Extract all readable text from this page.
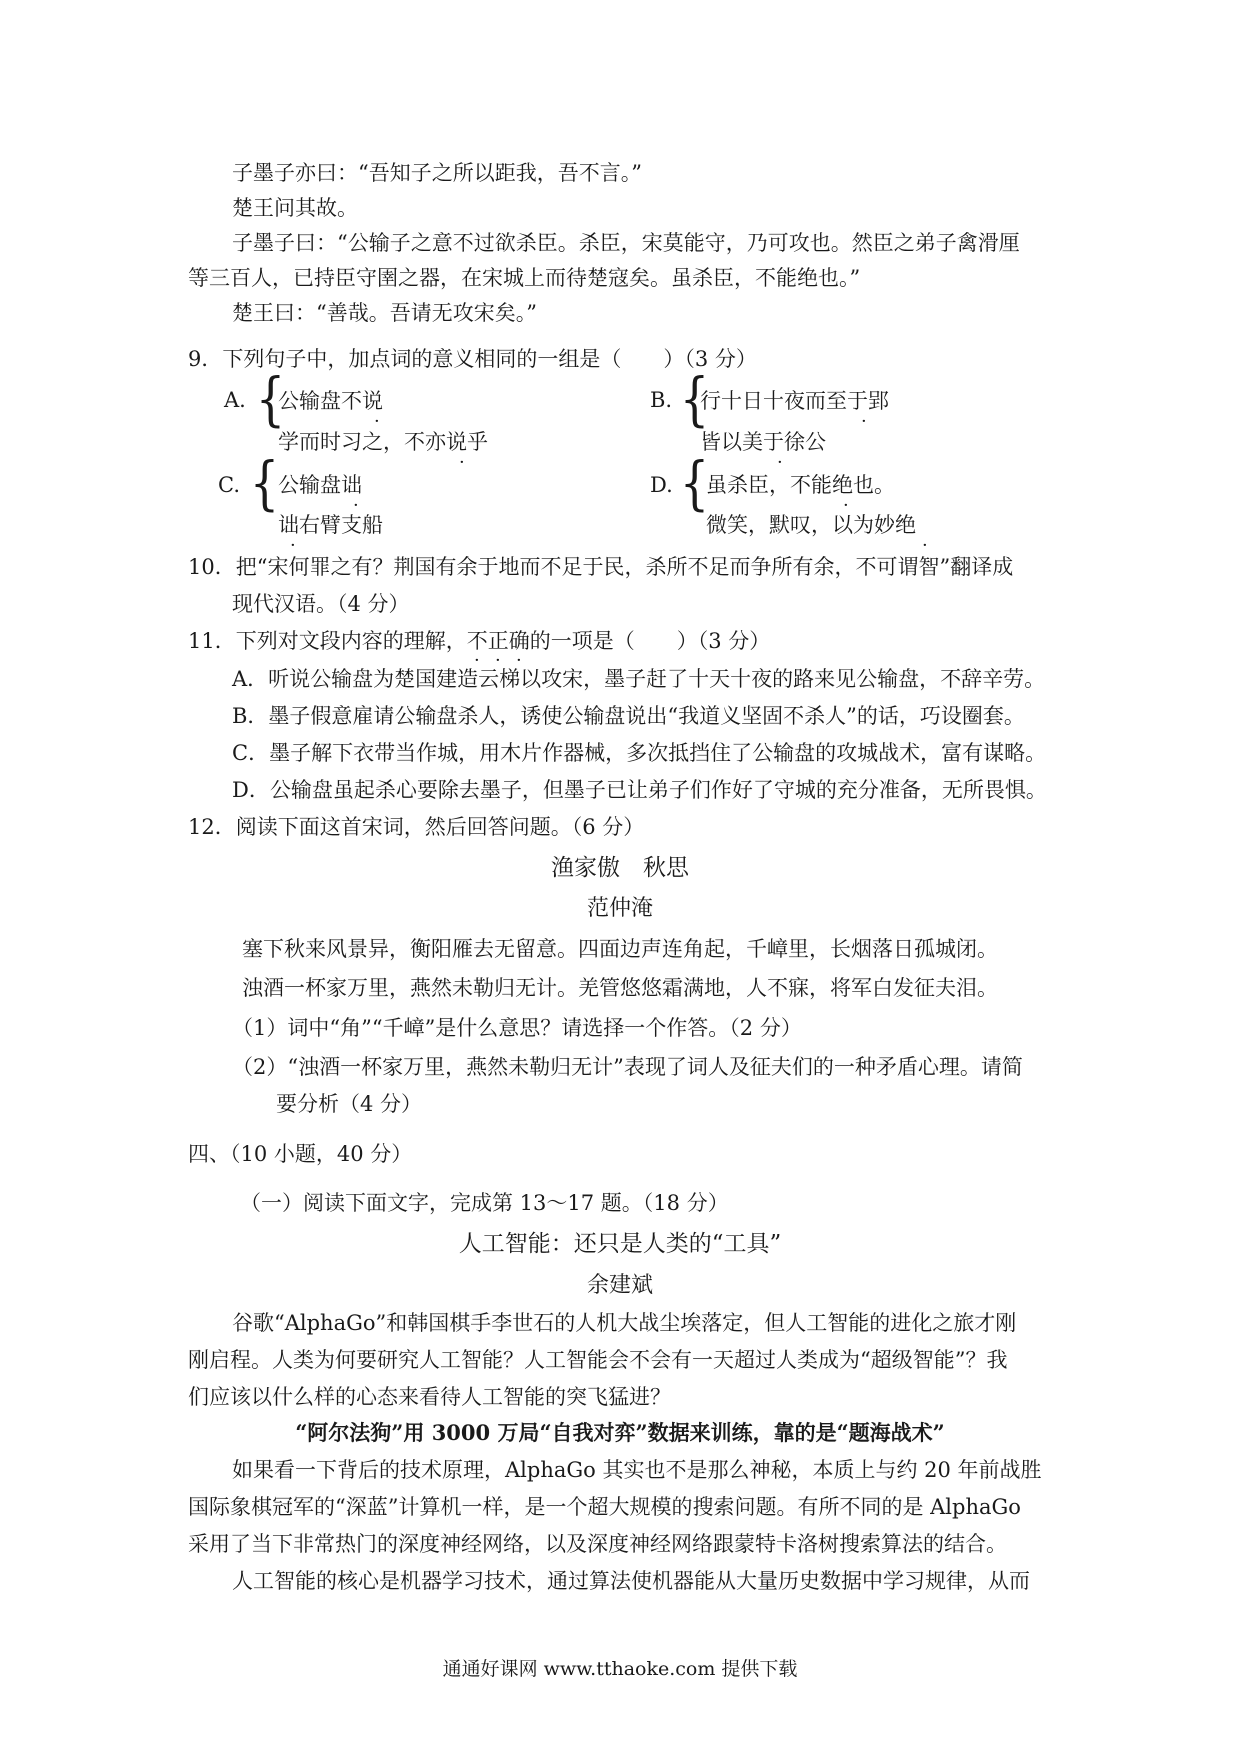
子墨子亦曰：“吾知子之所以距我，吾不言。”
楚王问其故。
子墨子曰：“公输子之意不过欲杀臣。杀臣，宋莫能守，乃可攻也。然臣之弟子禽滑厘
等三百人，已持臣守圉之器，在宋城上而待楚寇矣。虽杀臣，不能绝也。”
楚王曰：“善哉。吾请无攻宋矣。”
9．下列句子中，加点词的意义相同的一组是（　　）（3 分）
A. {
公输盘不说
学而时习之，不亦说乎
·
·
B. {
行十日十夜而至于郢
皆以美于徐公
·
·
C. {
公输盘诎
诎右臂支船
·
·
D. {
虽杀臣，不能绝也。
微笑，默叹，以为妙绝
·
·
10．把“宋何罪之有？荆国有余于地而不足于民，杀所不足而争所有余，不可谓智”翻译成
现代汉语。（4 分）
11．下列对文段内容的理解，不正确的一项是（　　）（3 分）
· · ·
A．听说公输盘为楚国建造云梯以攻宋，墨子赶了十天十夜的路来见公输盘，不辞辛劳。
B．墨子假意雇请公输盘杀人，诱使公输盘说出“我道义坚固不杀人”的话，巧设圈套。
C．墨子解下衣带当作城，用木片作器械，多次抵挡住了公输盘的攻城战术，富有谋略。
D．公输盘虽起杀心要除去墨子，但墨子已让弟子们作好了守城的充分准备，无所畏惧。
12．阅读下面这首宋词，然后回答问题。（6 分）
渔家傲　秋思
范仲淹
塞下秋来风景异，衡阳雁去无留意。四面边声连角起，千嶂里，长烟落日孤城闭。
浊酒一杯家万里，燕然未勒归无计。羌管悠悠霜满地，人不寐，将军白发征夫泪。
（1）词中“角”“千嶂”是什么意思？请选择一个作答。（2 分）
（2）“浊酒一杯家万里，燕然未勒归无计”表现了词人及征夫们的一种矛盾心理。请简
要分析（4 分）
四、（10 小题，40 分）
（一）阅读下面文字，完成第 13～17 题。（18 分）
人工智能：还只是人类的“工具”
余建斌
谷歌“AlphaGo”和韩国棋手李世石的人机大战尘埃落定，但人工智能的进化之旅才刚
刚启程。人类为何要研究人工智能？人工智能会不会有一天超过人类成为“超级智能”？我
们应该以什么样的心态来看待人工智能的突飞猛进？
“阿尔法狗”用 3000 万局“自我对弈”数据来训练，靠的是“题海战术”
如果看一下背后的技术原理，AlphaGo 其实也不是那么神秘，本质上与约 20 年前战胜
国际象棋冠军的“深蓝”计算机一样，是一个超大规模的搜索问题。有所不同的是 AlphaGo
采用了当下非常热门的深度神经网络，以及深度神经网络跟蒙特卡洛树搜索算法的结合。
人工智能的核心是机器学习技术，通过算法使机器能从大量历史数据中学习规律，从而
通通好课网 www.tthaoke.com 提供下载
